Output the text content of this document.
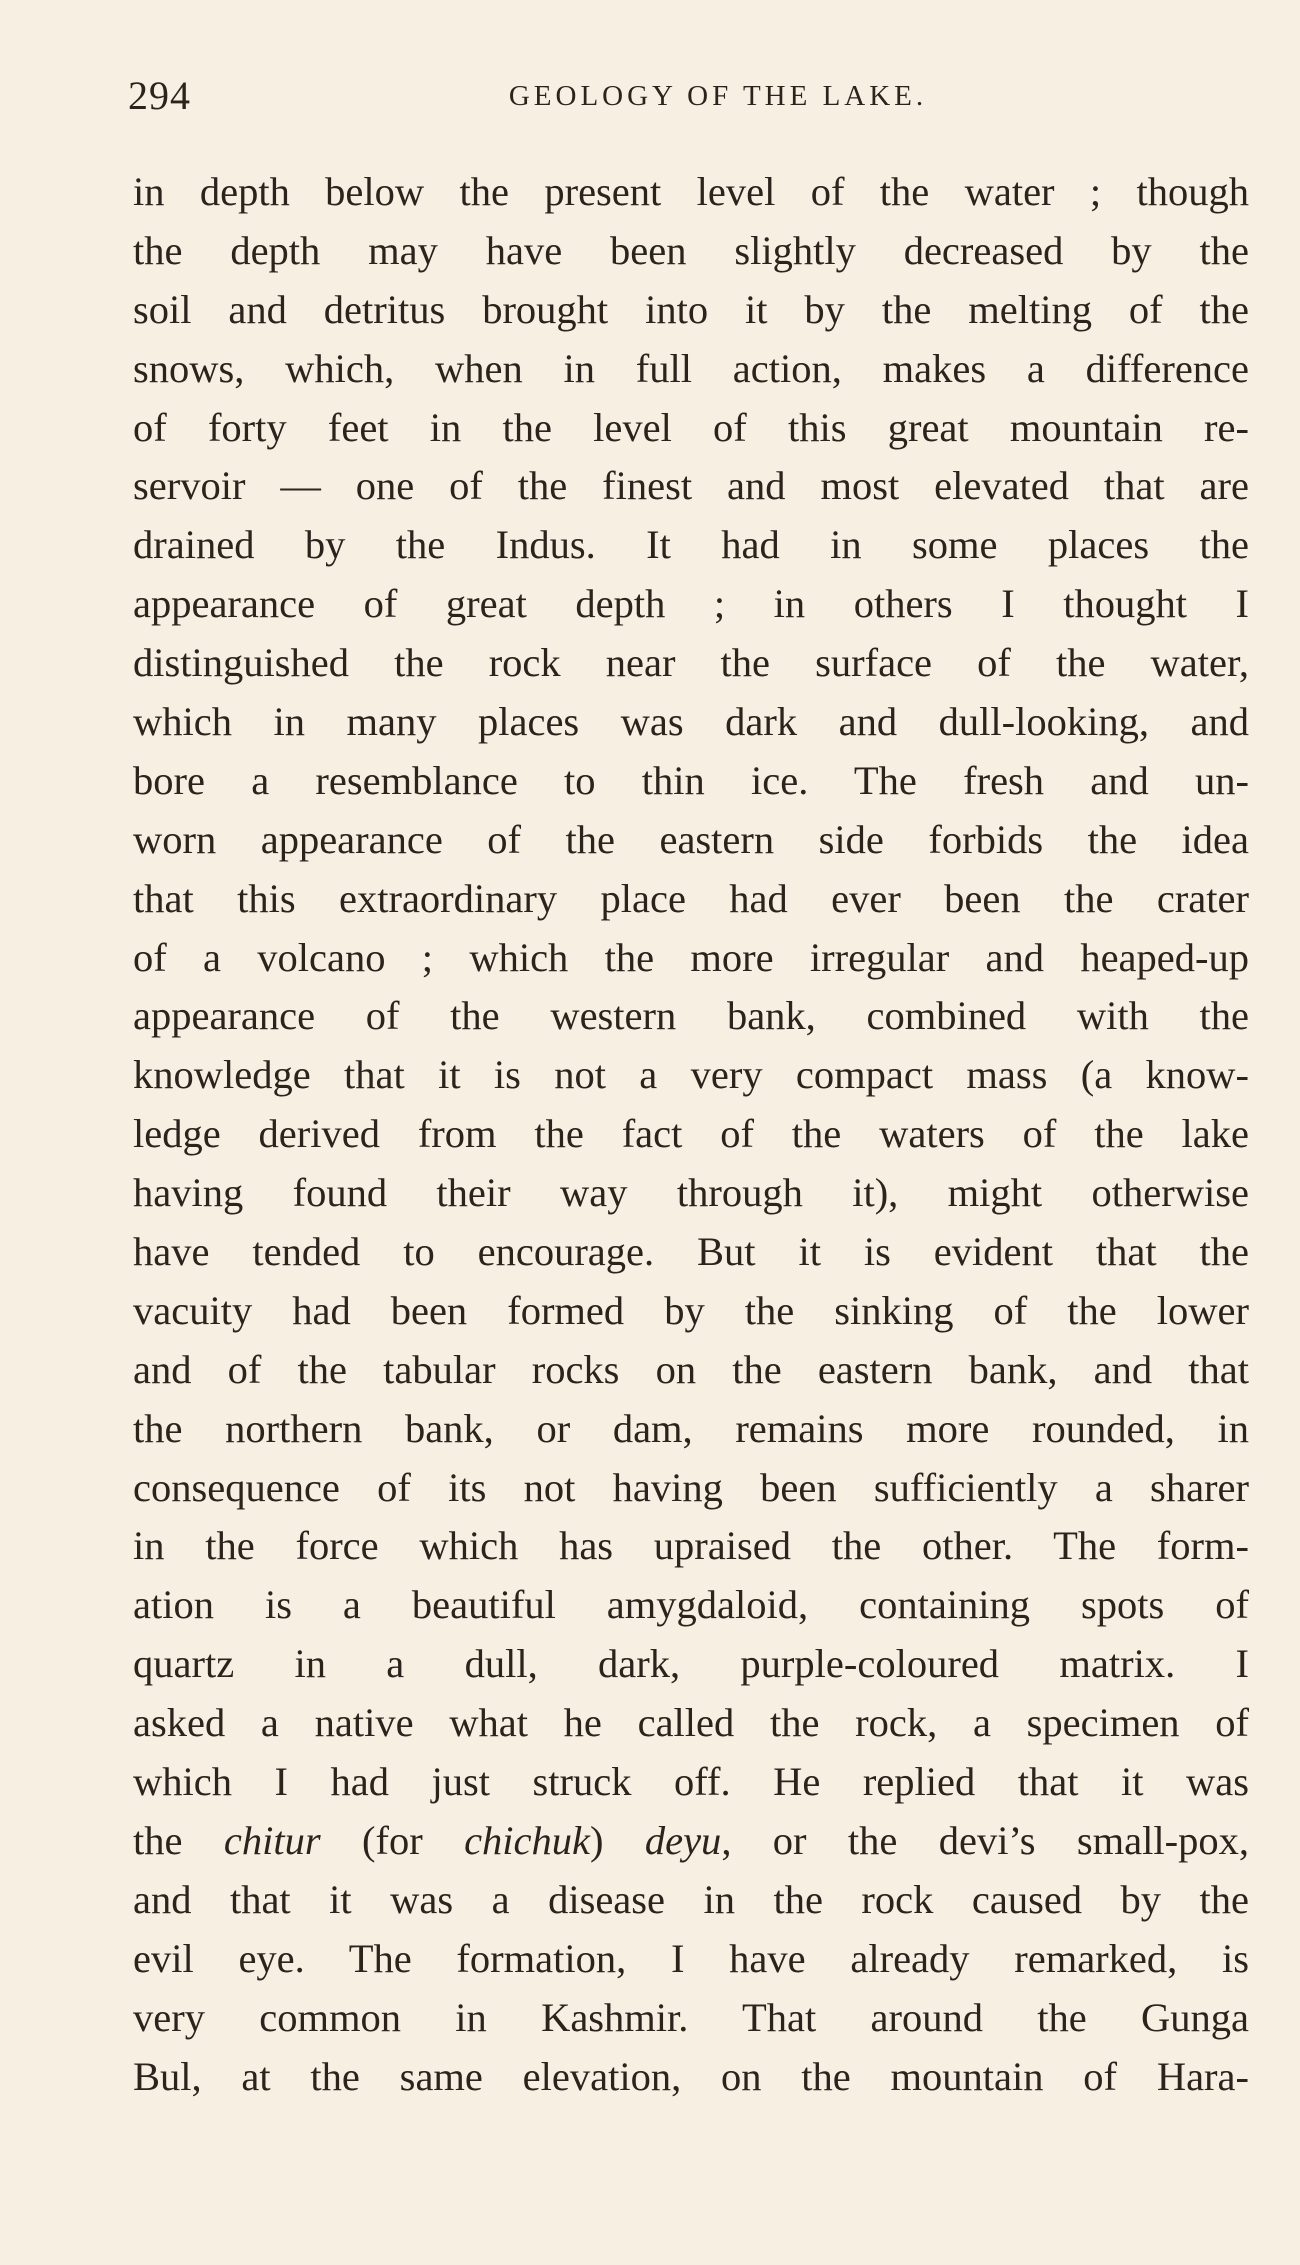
294	GEOLOGY OF THE LAKE.
in depth below the present level of the water ; though
the depth may have been slightly decreased by the
soil and detritus brought into it by the melting of the
snows, which, when in full action, makes a difference
of forty feet in the level of this great mountain re-
servoir — one of the finest and most elevated that are
drained by the Indus. It had in some places the
appearance of great depth ; in others I thought I
distinguished the rock near the surface of the water,
which in many places was dark and dull-looking, and
bore a resemblance to thin ice. The fresh and un-
worn appearance of the eastern side forbids the idea
that this extraordinary place had ever been the crater
of a volcano ; which the more irregular and heaped-up
appearance of the western bank, combined with the
knowledge that it is not a very compact mass (a know-
ledge derived from the fact of the waters of the lake
having found their way through it), might otherwise
have tended to encourage. But it is evident that the
vacuity had been formed by the sinking of the lower
and of the tabular rocks on the eastern bank, and that
the northern bank, or dam, remains more rounded, in
consequence of its not having been sufficiently a sharer
in the force which has upraised the other. The form-
ation is a beautiful amygdaloid, containing spots of
quartz in a dull, dark, purple-coloured matrix. I
asked a native what he called the rock, a specimen of
which I had just struck off. He replied that it was
the chitur (for chichuk) deyu, or the devi’s small-pox,
and that it was a disease in the rock caused by the
evil eye. The formation, I have already remarked, is
very common in Kashmir. That around the Gunga
Bul, at the same elevation, on the mountain of Hara-
